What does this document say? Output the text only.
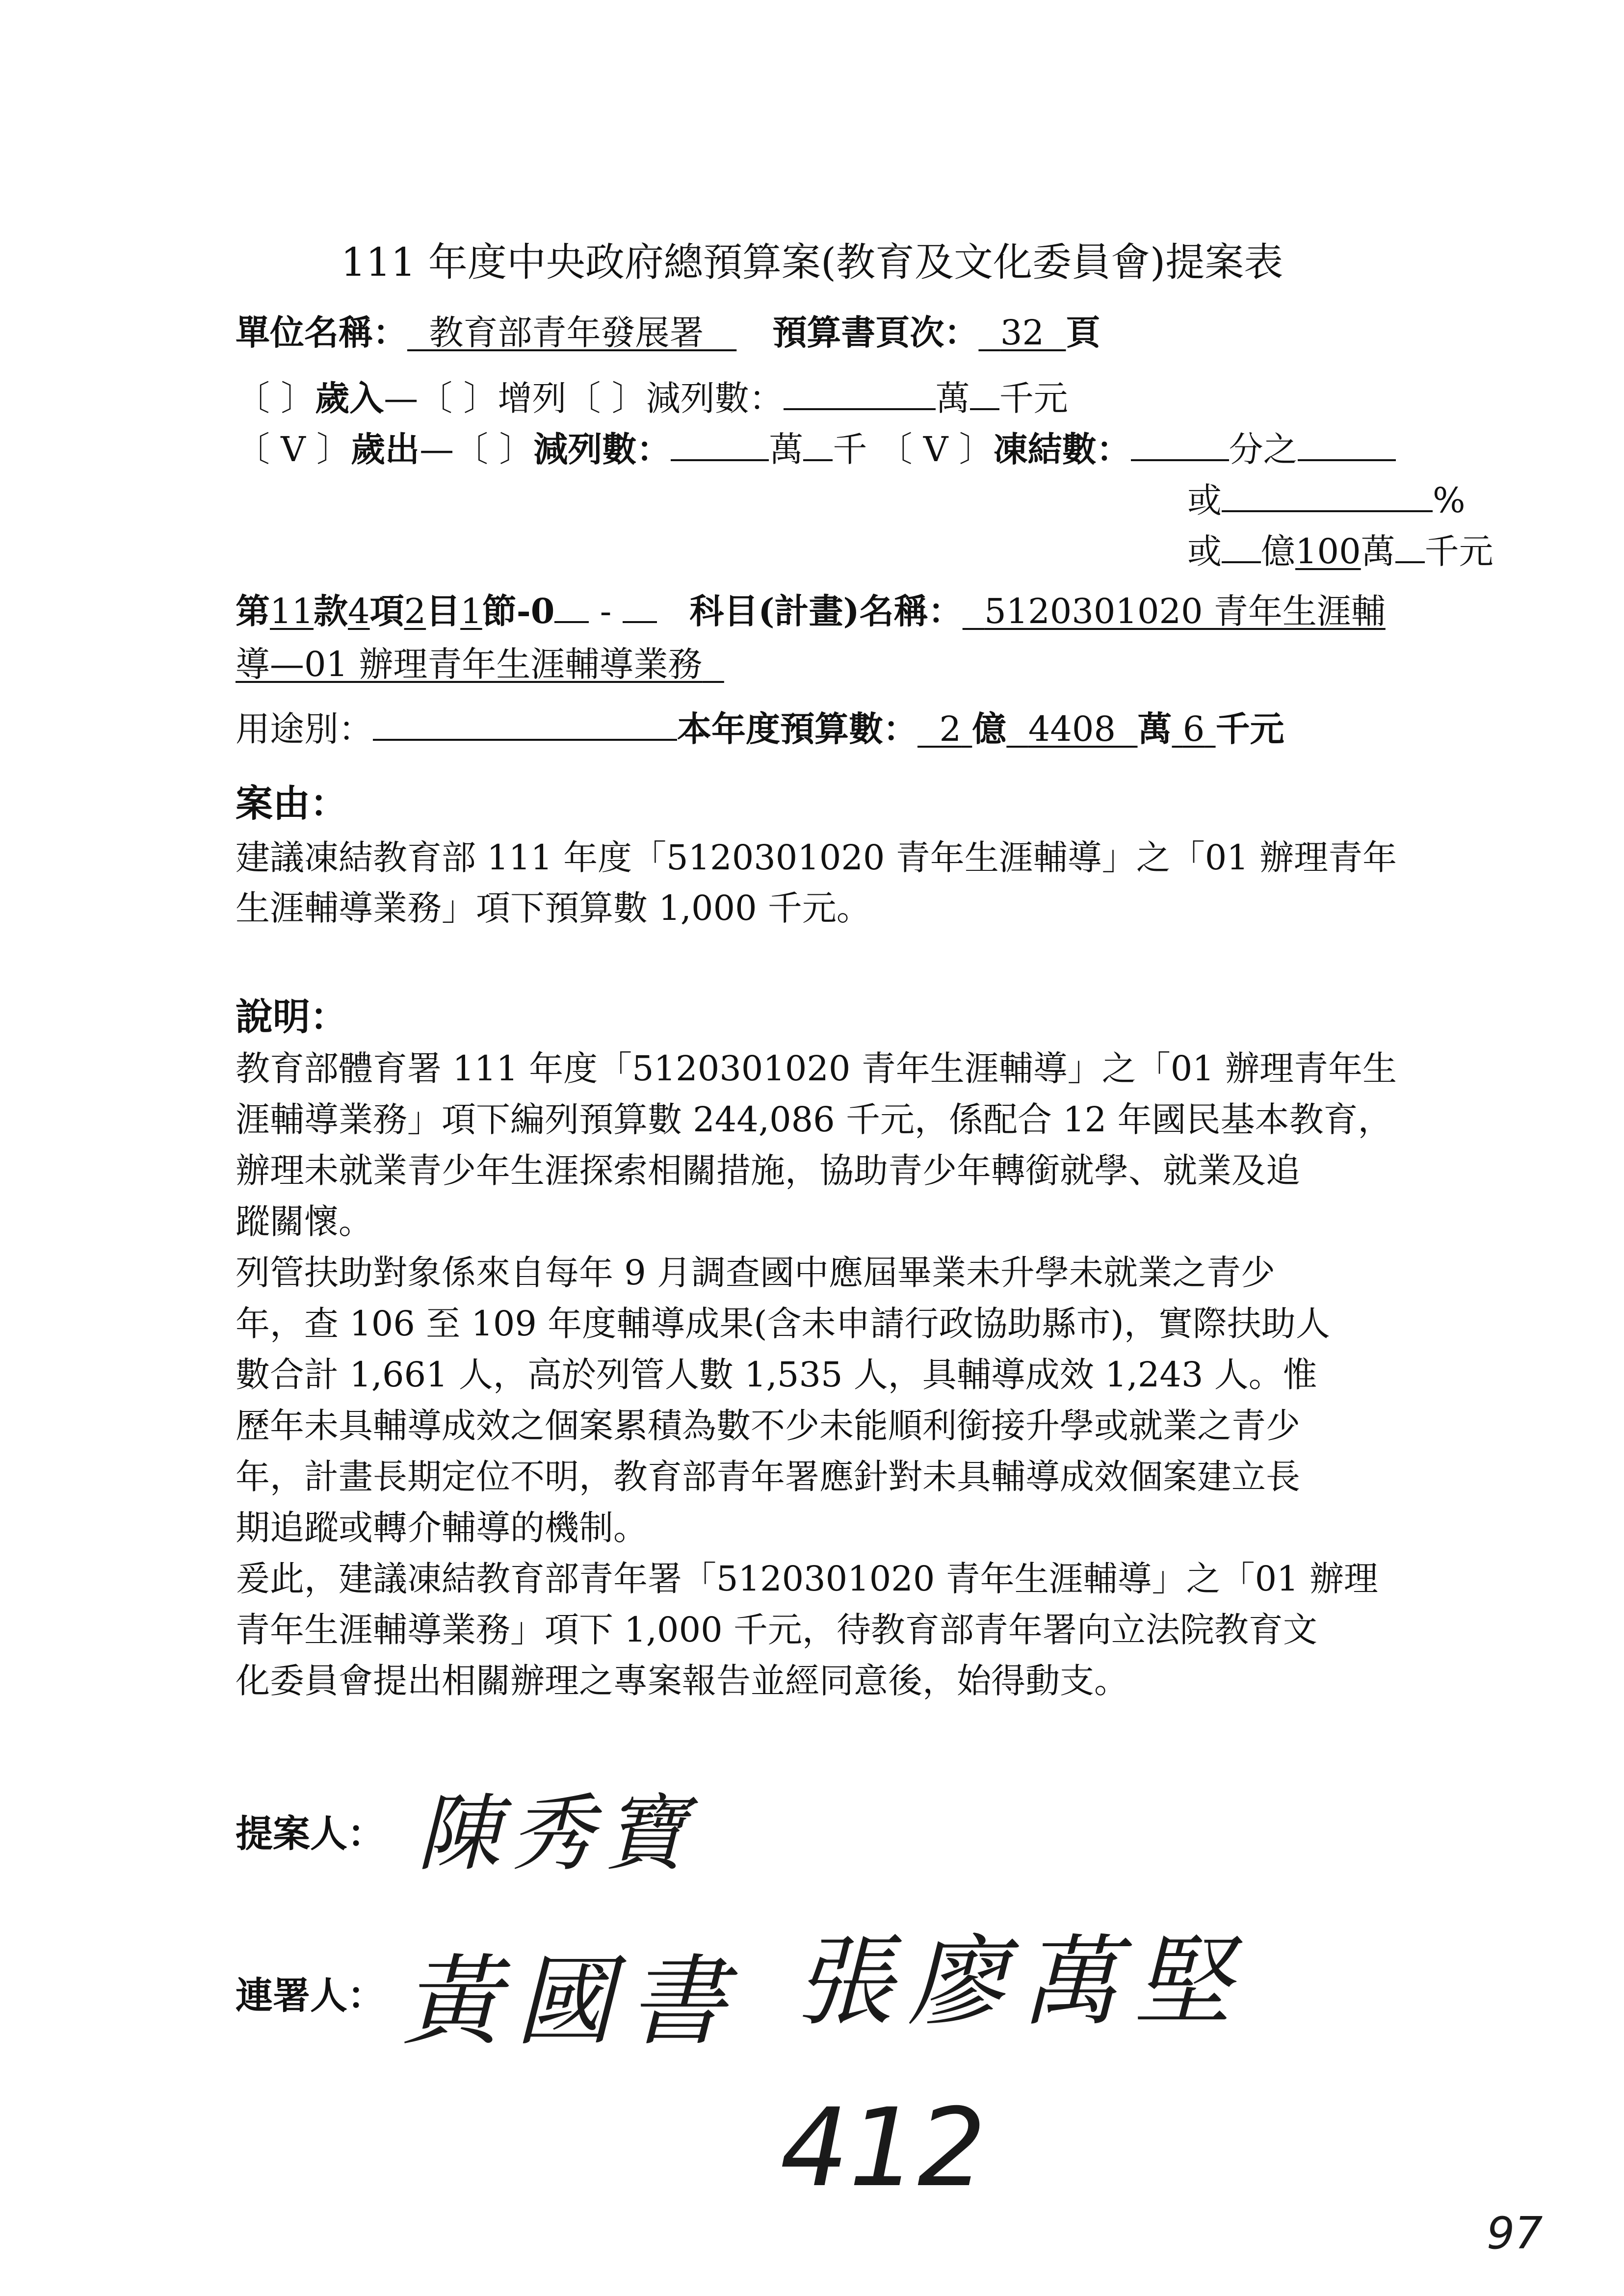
111 年度中央政府總預算案(教育及文化委員會)提案表
單位名稱： 教育部青年發展署 預算書頁次： 32 頁
〔 〕歲入—〔 〕增列〔 〕減列數：	萬 千元
〔 V 〕歲出—〔 〕減列數：	萬 千 〔 V 〕凍結數：	分之
或	%
或 億100萬 千元
第11款4項2目1節-0 - 科目(計畫)名稱： 5120301020 青年生涯輔
導—01 辦理青年生涯輔導業務
用途別：	本年度預算數： 2 億 4408 萬 6 千元
案由：
建議凍結教育部 111 年度「5120301020 青年生涯輔導」之「01 辦理青年
生涯輔導業務」項下預算數 1,000 千元。
說明：
教育部體育署 111 年度「5120301020 青年生涯輔導」之「01 辦理青年生
涯輔導業務」項下編列預算數 244,086 千元，係配合 12 年國民基本教育，
辦理未就業青少年生涯探索相關措施，協助青少年轉銜就學、就業及追
蹤關懷。
列管扶助對象係來自每年 9 月調查國中應屆畢業未升學未就業之青少
年，查 106 至 109 年度輔導成果(含未申請行政協助縣市)，實際扶助人
數合計 1,661 人，高於列管人數 1,535 人，具輔導成效 1,243 人。惟
歷年未具輔導成效之個案累積為數不少未能順利銜接升學或就業之青少
年，計畫長期定位不明，教育部青年署應針對未具輔導成效個案建立長
期追蹤或轉介輔導的機制。
爰此，建議凍結教育部青年署「5120301020 青年生涯輔導」之「01 辦理
青年生涯輔導業務」項下 1,000 千元，待教育部青年署向立法院教育文
化委員會提出相關辦理之專案報告並經同意後，始得動支。
提案人： 陳秀寶
連署人： 黃國書 張廖萬堅
412
97
